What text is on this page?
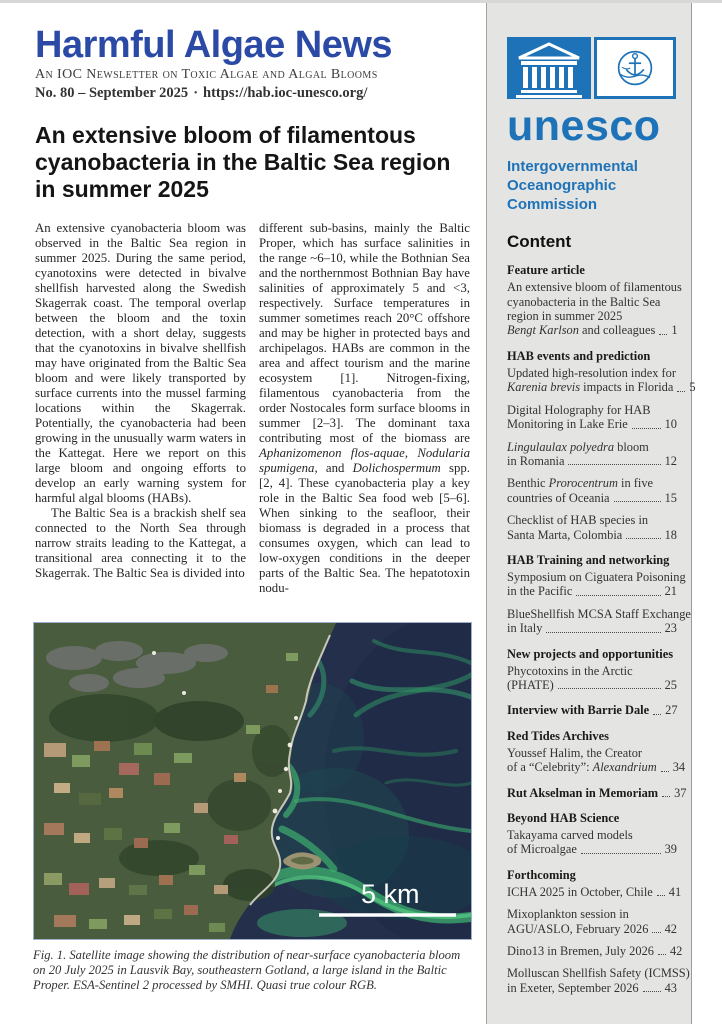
Harmful Algae News
An IOC Newsletter on Toxic Algae and Algal Blooms
No. 80 – September 2025 · https://hab.ioc-unesco.org/
An extensive bloom of filamentous cyanobacteria in the Baltic Sea region in summer 2025

An extensive cyanobacteria bloom was observed in the Baltic Sea region in summer 2025. During the same period, cyanotoxins were detected in bivalve shellfish harvested along the Swedish Skagerrak coast. The temporal overlap between the bloom and the toxin detection, with a short delay, suggests that the cyanotoxins in bivalve shellfish may have originated from the Baltic Sea bloom and were likely transported by surface currents into the mussel farming locations within the Skagerrak. Potentially, the cyanobacteria had been growing in the unusually warm waters in the Kattegat. Here we report on this large bloom and ongoing efforts to develop an early warning system for harmful algal blooms (HABs).

The Baltic Sea is a brackish shelf sea connected to the North Sea through narrow straits leading to the Kattegat, a transitional area connecting it to the Skagerrak. The Baltic Sea is divided into

different sub-basins, mainly the Baltic Proper, which has surface salinities in the range ~6–10, while the Bothnian Sea and the northernmost Bothnian Bay have salinities of approximately 5 and <3, respectively. Surface temperatures in summer sometimes reach 20°C offshore and may be higher in protected bays and archipelagos. HABs are common in the area and affect tourism and the marine ecosystem [1]. Nitrogen-fixing, filamentous cyanobacteria from the order Nostocales form surface blooms in summer [2–3]. The dominant taxa contributing most of the biomass are Aphanizomenon flos-aquae, Nodularia spumigena, and Dolichospermum spp. [2, 4]. These cyanobacteria play a key role in the Baltic Sea food web [5–6]. When sinking to the seafloor, their biomass is degraded in a process that consumes oxygen, which can lead to low-oxygen conditions in the deeper parts of the Baltic Sea. The hepatotoxin nodu-

5 km
Fig. 1. Satellite image showing the distribution of near-surface cyanobacteria bloom on 20 July 2025 in Lausvik Bay, southeastern Gotland, a large island in the Baltic Proper. ESA-Sentinel 2 processed by SMHI. Quasi true colour RGB.
unesco
Intergovernmental Oceanographic Commission
Content
Feature article
An extensive bloom of filamentous
cyanobacteria in the Baltic Sea
region in summer 2025
Bengt Karlson and colleagues 1
HAB events and prediction
Updated high-resolution index for
Karenia brevis impacts in Florida 5
Digital Holography for HAB
Monitoring in Lake Erie	10
Lingulaulax polyedra bloom
in Romania	12
Benthic Prorocentrum in five
countries of Oceania	15
Checklist of HAB species in
Santa Marta, Colombia	18
HAB Training and networking
Symposium on Ciguatera Poisoning
in the Pacific	21
BlueShellfish MCSA Staff Exchange
in Italy	23
New projects and opportunities
Phycotoxins in the Arctic
(PHATE)	25
Interview with Barrie Dale 27
Red Tides Archives
Youssef Halim, the Creator
of a “Celebrity”: Alexandrium 34
Rut Akselman in Memoriam 37
Beyond HAB Science
Takayama carved models
of Microalgae	39
Forthcoming
ICHA 2025 in October, Chile 41
Mixoplankton session in
AGU/ASLO, February 2026 42
Dino13 in Bremen, July 2026 42
Molluscan Shellfish Safety (ICMSS)
in Exeter, September 2026 43
